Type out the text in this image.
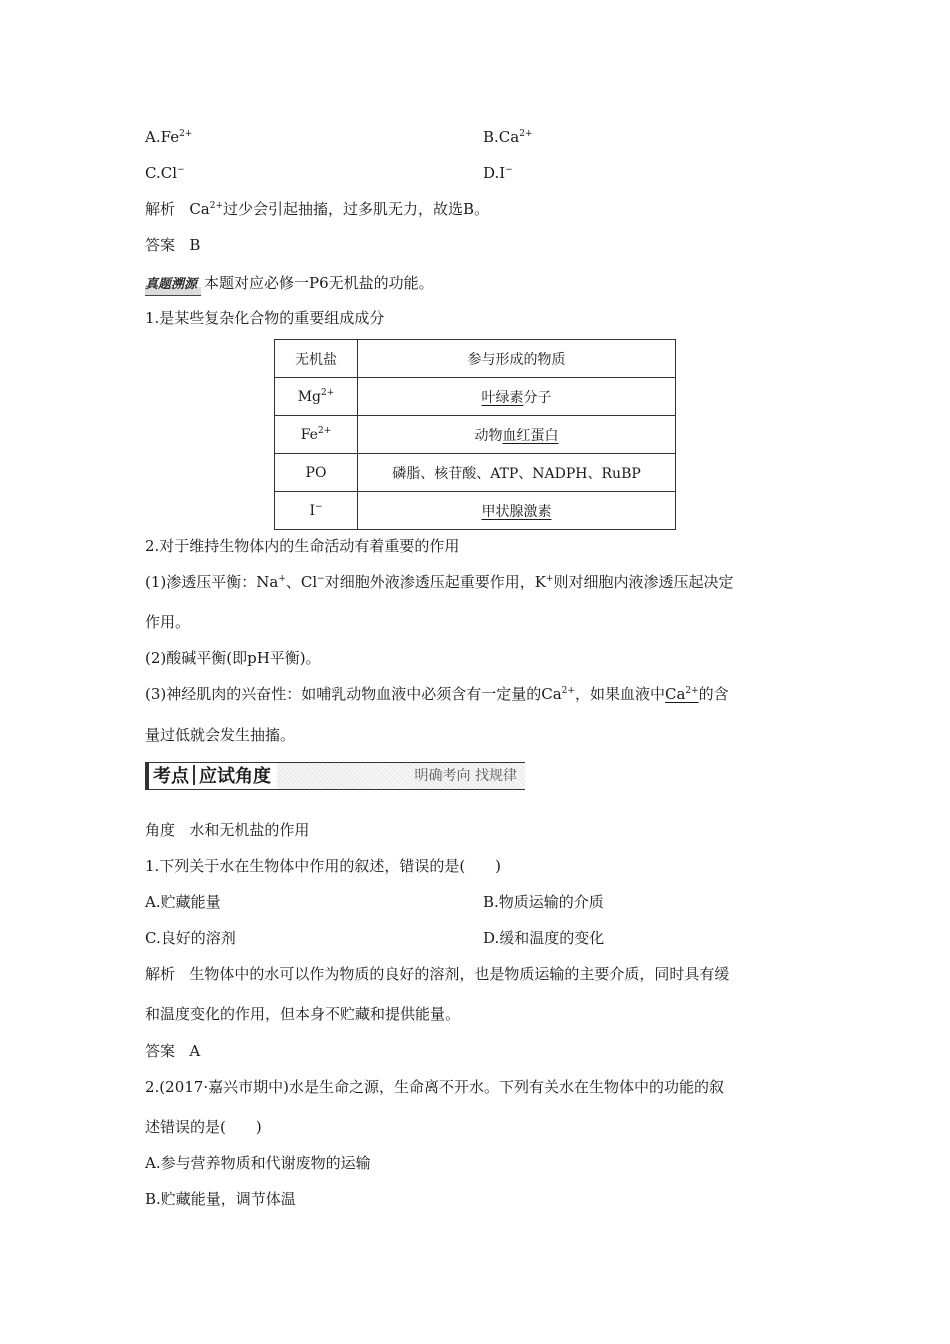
$A.Fe^{2+}$	$B.Ca^{2+}$
C.Cl−	D.I−
解析 $Ca^{2+}$过少会引起抽搐，过多肌无力，故选B。
答案 B
真题溯源 本题对应必修一P6无机盐的功能。
1.是某些复杂化合物的重要组成成分
无机盐	参与形成的物质
$Mg^{2+}$	叶绿素分子
$Fe^{2+}$	动物血红蛋白
PO	磷脂、核苷酸、ATP、NADPH、RuBP
I−	甲状腺激素
2.对于维持生物体内的生命活动有着重要的作用
(1)渗透压平衡：Na+、Cl−对细胞外液渗透压起重要作用，K+则对细胞内液渗透压起决定
作用。
(2)酸碱平衡(即pH平衡)。
(3)神经肌肉的兴奋性：如哺乳动物血液中必须含有一定量的$Ca^{2+}$，如果血液中$Ca^{2+}$的含
量过低就会发生抽搐。
考点 应试角度	明确考向 找规律
角度 水和无机盐的作用
1.下列关于水在生物体中作用的叙述，错误的是(　　)
A.贮藏能量	B.物质运输的介质
C.良好的溶剂	D.缓和温度的变化
解析 生物体中的水可以作为物质的良好的溶剂，也是物质运输的主要介质，同时具有缓
和温度变化的作用，但本身不贮藏和提供能量。
答案 A
2.(2017·嘉兴市期中)水是生命之源，生命离不开水。下列有关水在生物体中的功能的叙
述错误的是(　　)
A.参与营养物质和代谢废物的运输
B.贮藏能量，调节体温
